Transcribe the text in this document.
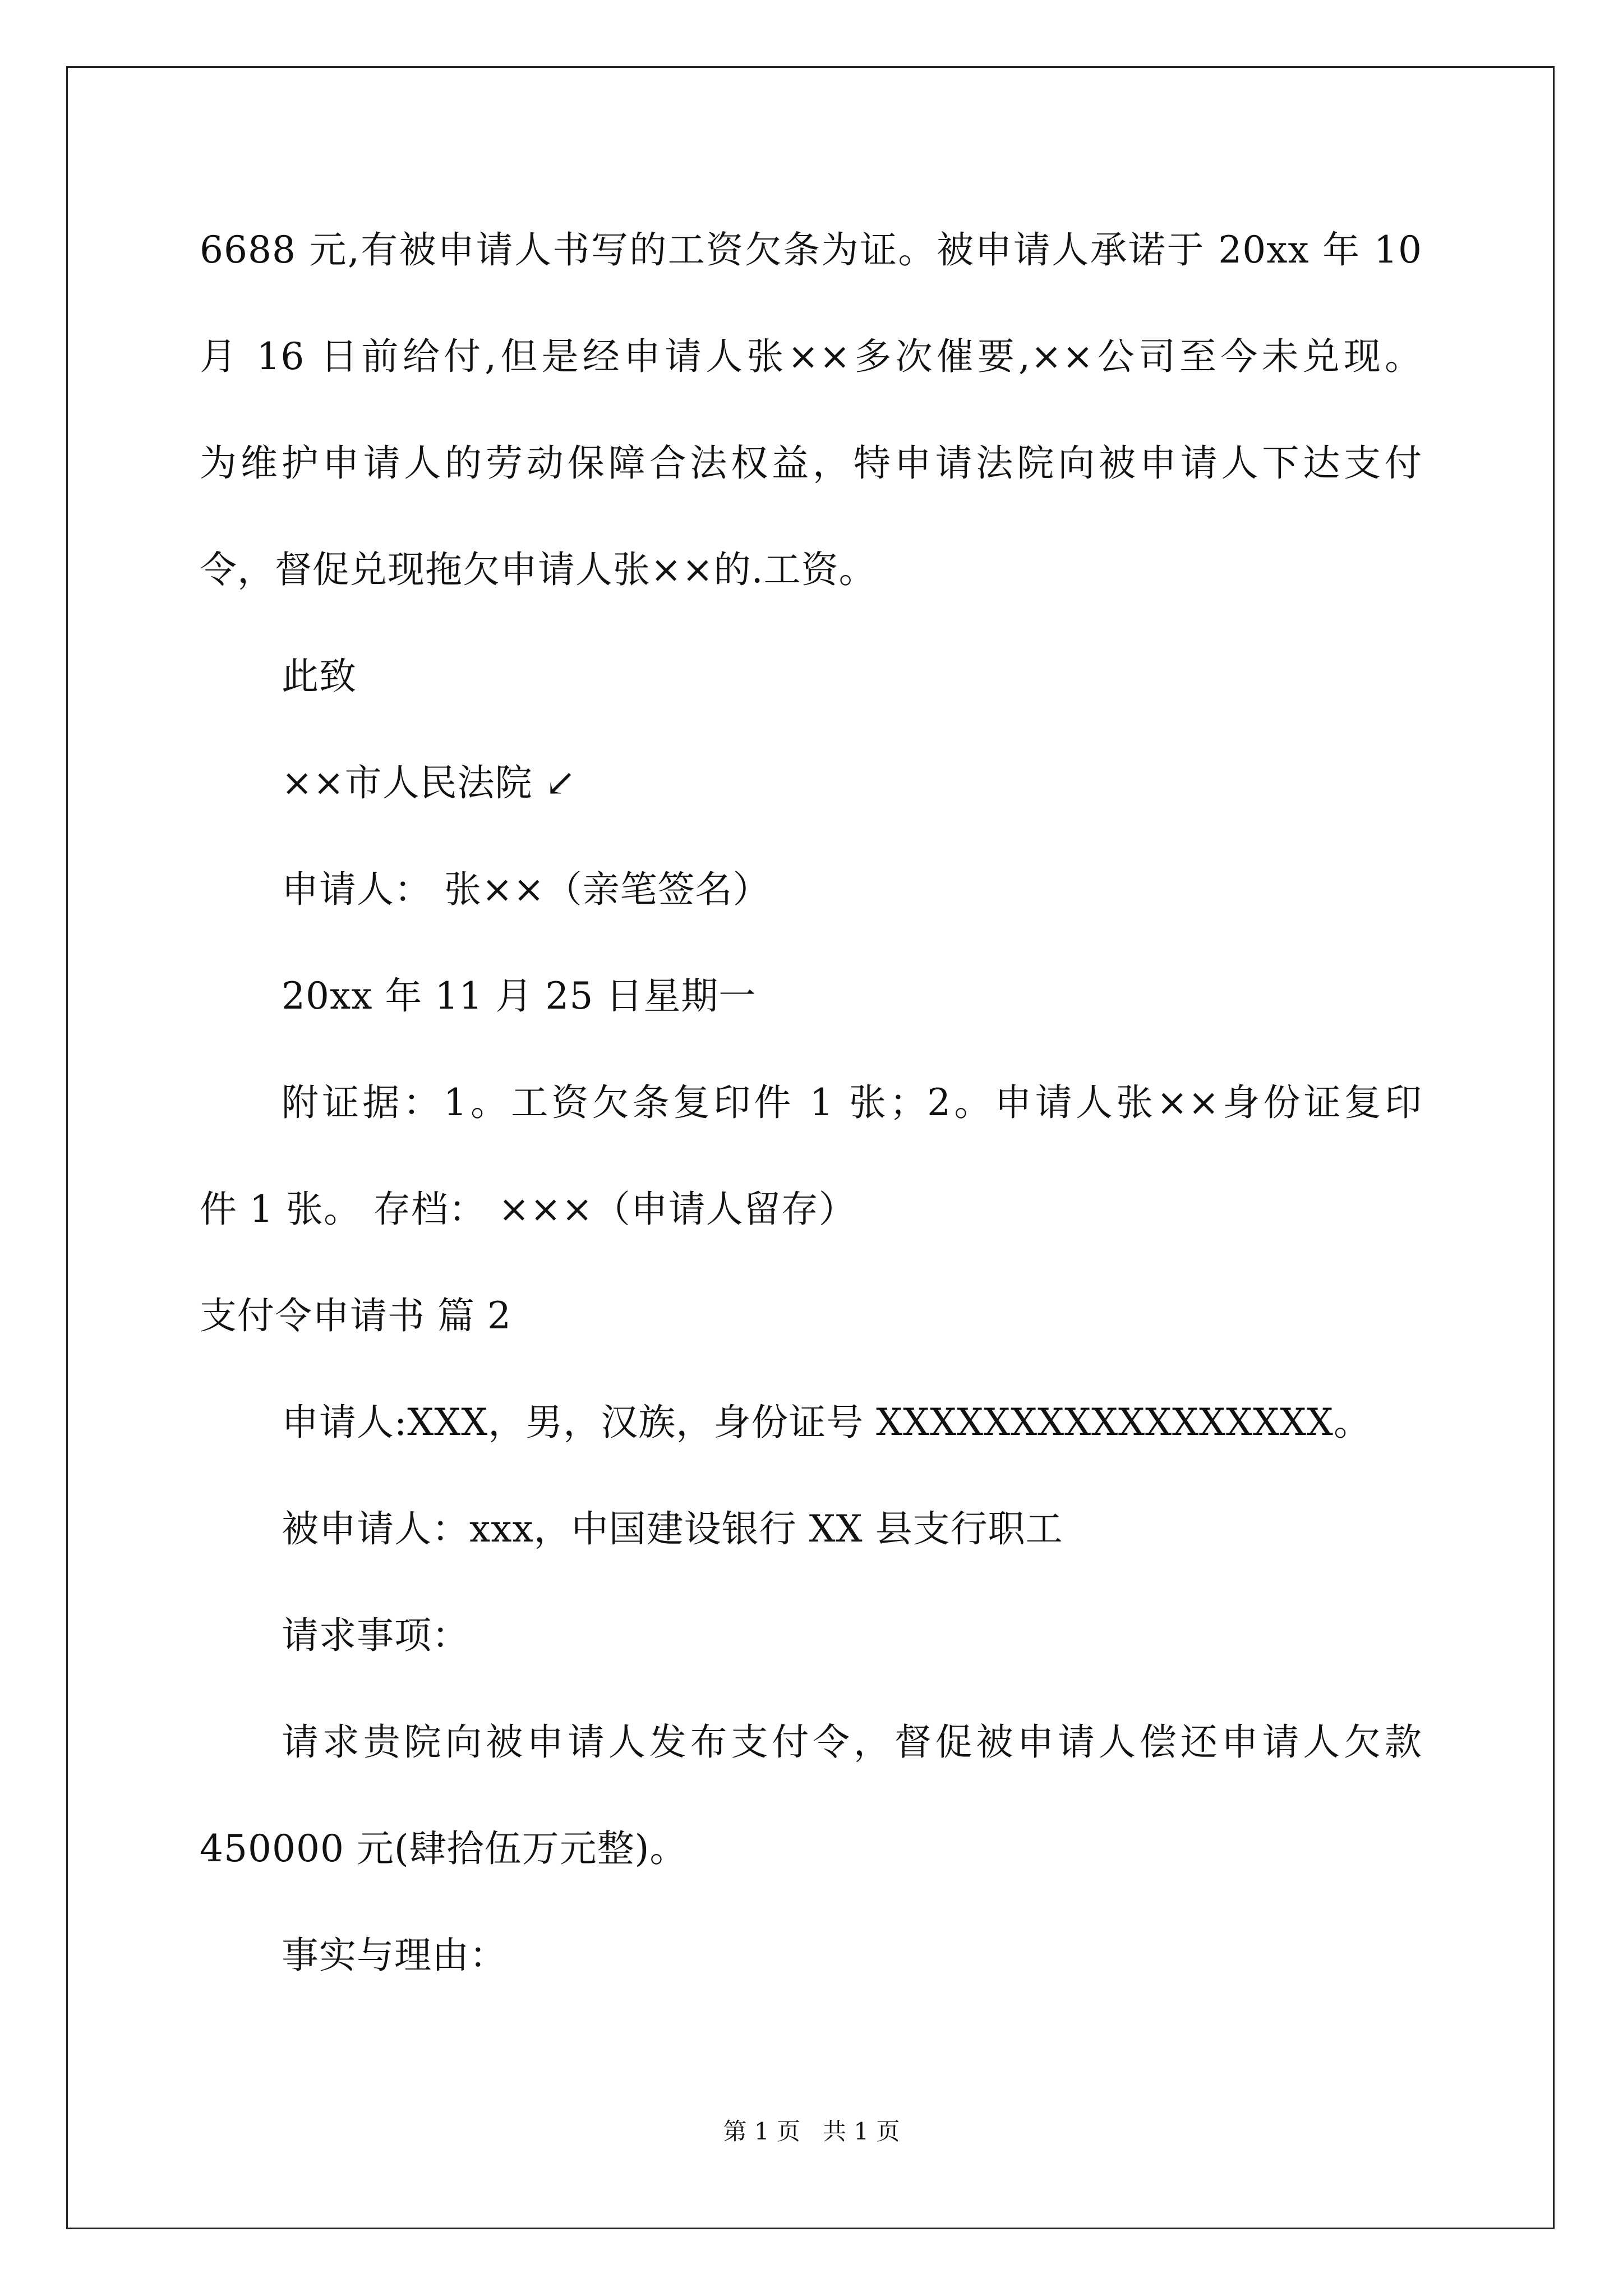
6688 元,有被申请人书写的工资欠条为证。被申请人承诺于 20xx 年 10
月 16 日前给付,但是经申请人张××多次催要,××公司至今未兑现。
为维护申请人的劳动保障合法权益，特申请法院向被申请人下达支付
令，督促兑现拖欠申请人张××的.工资。
此致
××市人民法院 ↙
申请人： 张××（亲笔签名）
20xx 年 11 月 25 日星期一
附证据：1。工资欠条复印件 1 张；2。申请人张××身份证复印
件 1 张。 存档： ×××（申请人留存）
支付令申请书 篇 2
申请人:XXX，男，汉族，身份证号 XXXXXXXXXXXXXXXXX。
被申请人：xxx，中国建设银行 XX 县支行职工
请求事项：
请求贵院向被申请人发布支付令，督促被申请人偿还申请人欠款
450000 元(肆拾伍万元整)。
事实与理由：
第 1 页   共 1 页
